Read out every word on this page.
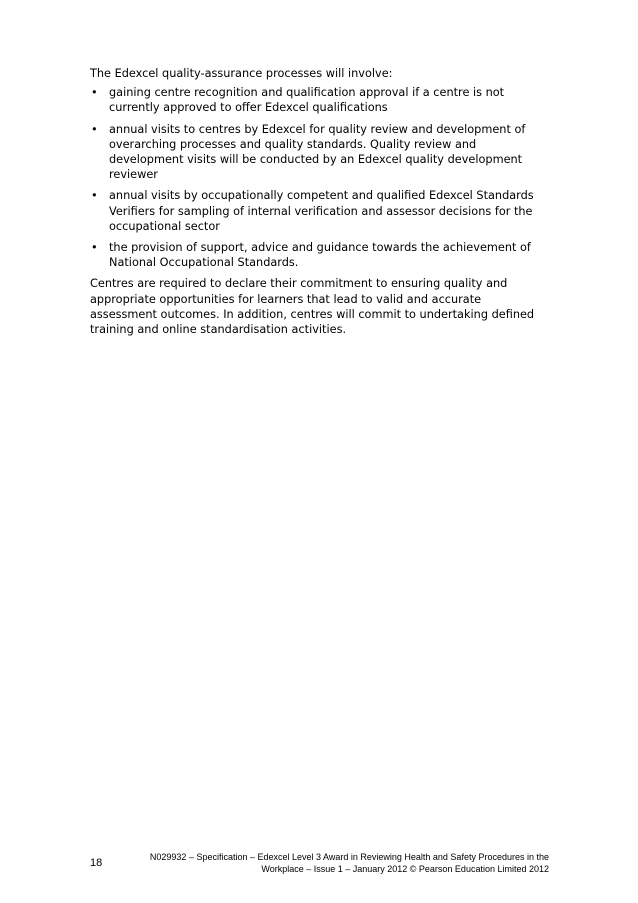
The Edexcel quality-assurance processes will involve:

• gaining centre recognition and qualification approval if a centre is not currently approved to offer Edexcel qualifications
• annual visits to centres by Edexcel for quality review and development of overarching processes and quality standards. Quality review and development visits will be conducted by an Edexcel quality development reviewer
• annual visits by occupationally competent and qualified Edexcel Standards Verifiers for sampling of internal verification and assessor decisions for the occupational sector
• the provision of support, advice and guidance towards the achievement of National Occupational Standards.

Centres are required to declare their commitment to ensuring quality and appropriate opportunities for learners that lead to valid and accurate assessment outcomes. In addition, centres will commit to undertaking defined training and online standardisation activities.

18	N029932 – Specification – Edexcel Level 3 Award in Reviewing Health and Safety Procedures in the
Workplace – Issue 1 – January 2012 © Pearson Education Limited 2012
